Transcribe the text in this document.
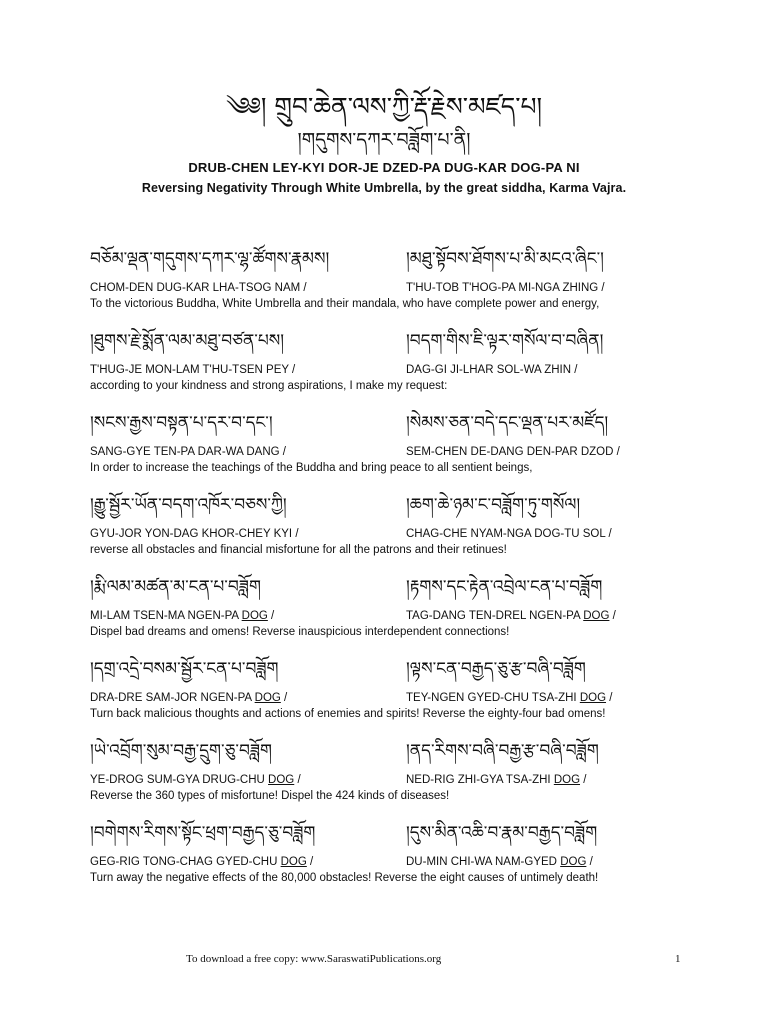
༄༅། གྲུབ་ཆེན་ལས་ཀྱི་རྡོ་རྗེས་མཛད་པ།
།གདུགས་དཀར་བཟློག་པ་ནི།
DRUB-CHEN LEY-KYI DOR-JE DZED-PA DUG-KAR DOG-PA NI
Reversing Negativity Through White Umbrella, by the great siddha, Karma Vajra.
བཅོམ་ལྡན་གདུགས་དཀར་ལྷ་ཚོགས་རྣམས།	།མཐུ་སྟོབས་ཐོགས་པ་མི་མངའ་ཞིང་།
CHOM-DEN DUG-KAR LHA-TSOG NAM /	T'HU-TOB T'HOG-PA MI-NGA ZHING /
To the victorious Buddha, White Umbrella and their mandala, who have complete power and energy,
།ཐུགས་རྗེ་སྨོན་ལམ་མཐུ་བཙན་པས།	།བདག་གིས་ཇི་ལྟར་གསོལ་བ་བཞིན།
T'HUG-JE MON-LAM T'HU-TSEN PEY /	DAG-GI JI-LHAR SOL-WA ZHIN /
according to your kindness and strong aspirations, I make my request:
།སངས་རྒྱས་བསྟན་པ་དར་བ་དང་།	།སེམས་ཅན་བདེ་དང་ལྡན་པར་མཛོད།
SANG-GYE TEN-PA DAR-WA DANG /	SEM-CHEN DE-DANG DEN-PAR DZOD /
In order to increase the teachings of the Buddha and bring peace to all sentient beings,
།རྒྱུ་སྦྱོར་ཡོན་བདག་འཁོར་བཅས་ཀྱི།	།ཆག་ཆེ་ཉམ་ང་བཟློག་ཏུ་གསོལ།
GYU-JOR YON-DAG KHOR-CHEY KYI /	CHAG-CHE NYAM-NGA DOG-TU SOL /
reverse all obstacles and financial misfortune for all the patrons and their retinues!
།རྨི་ལམ་མཚན་མ་ངན་པ་བཟློག	།རྟགས་དང་རྟེན་འབྲེལ་ངན་པ་བཟློག
MI-LAM TSEN-MA NGEN-PA DOG /	TAG-DANG TEN-DREL NGEN-PA DOG /
Dispel bad dreams and omens! Reverse inauspicious interdependent connections!
།དགྲ་འདྲེ་བསམ་སྦྱོར་ངན་པ་བཟློག	།ལྟས་ངན་བརྒྱད་ཅུ་རྩ་བཞི་བཟློག
DRA-DRE SAM-JOR NGEN-PA DOG /	TEY-NGEN GYED-CHU TSA-ZHI DOG /
Turn back malicious thoughts and actions of enemies and spirits! Reverse the eighty-four bad omens!
།ཡེ་འབྲོག་སུམ་བརྒྱ་དྲུག་ཅུ་བཟློག	།ནད་རིགས་བཞི་བརྒྱ་རྩ་བཞི་བཟློག
YE-DROG SUM-GYA DRUG-CHU DOG /	NED-RIG ZHI-GYA TSA-ZHI DOG /
Reverse the 360 types of misfortune! Dispel the 424 kinds of diseases!
།བགེགས་རིགས་སྟོང་ཕྲག་བརྒྱད་ཅུ་བཟློག	།དུས་མིན་འཆི་བ་རྣམ་བརྒྱད་བཟློག
GEG-RIG TONG-CHAG GYED-CHU DOG /	DU-MIN CHI-WA NAM-GYED DOG /
Turn away the negative effects of the 80,000 obstacles! Reverse the eight causes of untimely death!
To download a free copy: www.SaraswatiPublications.org	1
